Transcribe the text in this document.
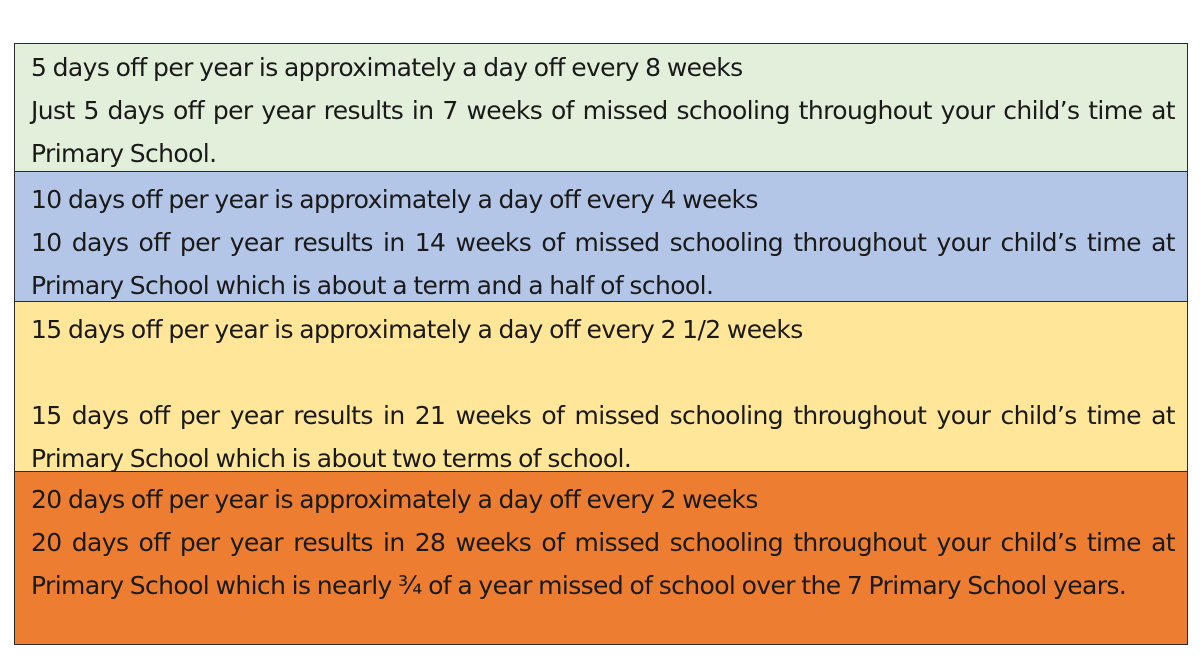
5 days off per year is approximately a day off every 8 weeks

Just 5 days off per year results in 7 weeks of missed schooling throughout your child’s time at Primary School.

10 days off per year is approximately a day off every 4 weeks

10 days off per year results in 14 weeks of missed schooling throughout your child’s time at Primary School which is about a term and a half of school.

15 days off per year is approximately a day off every 2 1/2 weeks

15 days off per year results in 21 weeks of missed schooling throughout your child’s time at Primary School which is about two terms of school.

20 days off per year is approximately a day off every 2 weeks

20 days off per year results in 28 weeks of missed schooling throughout your child’s time at Primary School which is nearly ¾ of a year missed of school over the 7 Primary School years.
